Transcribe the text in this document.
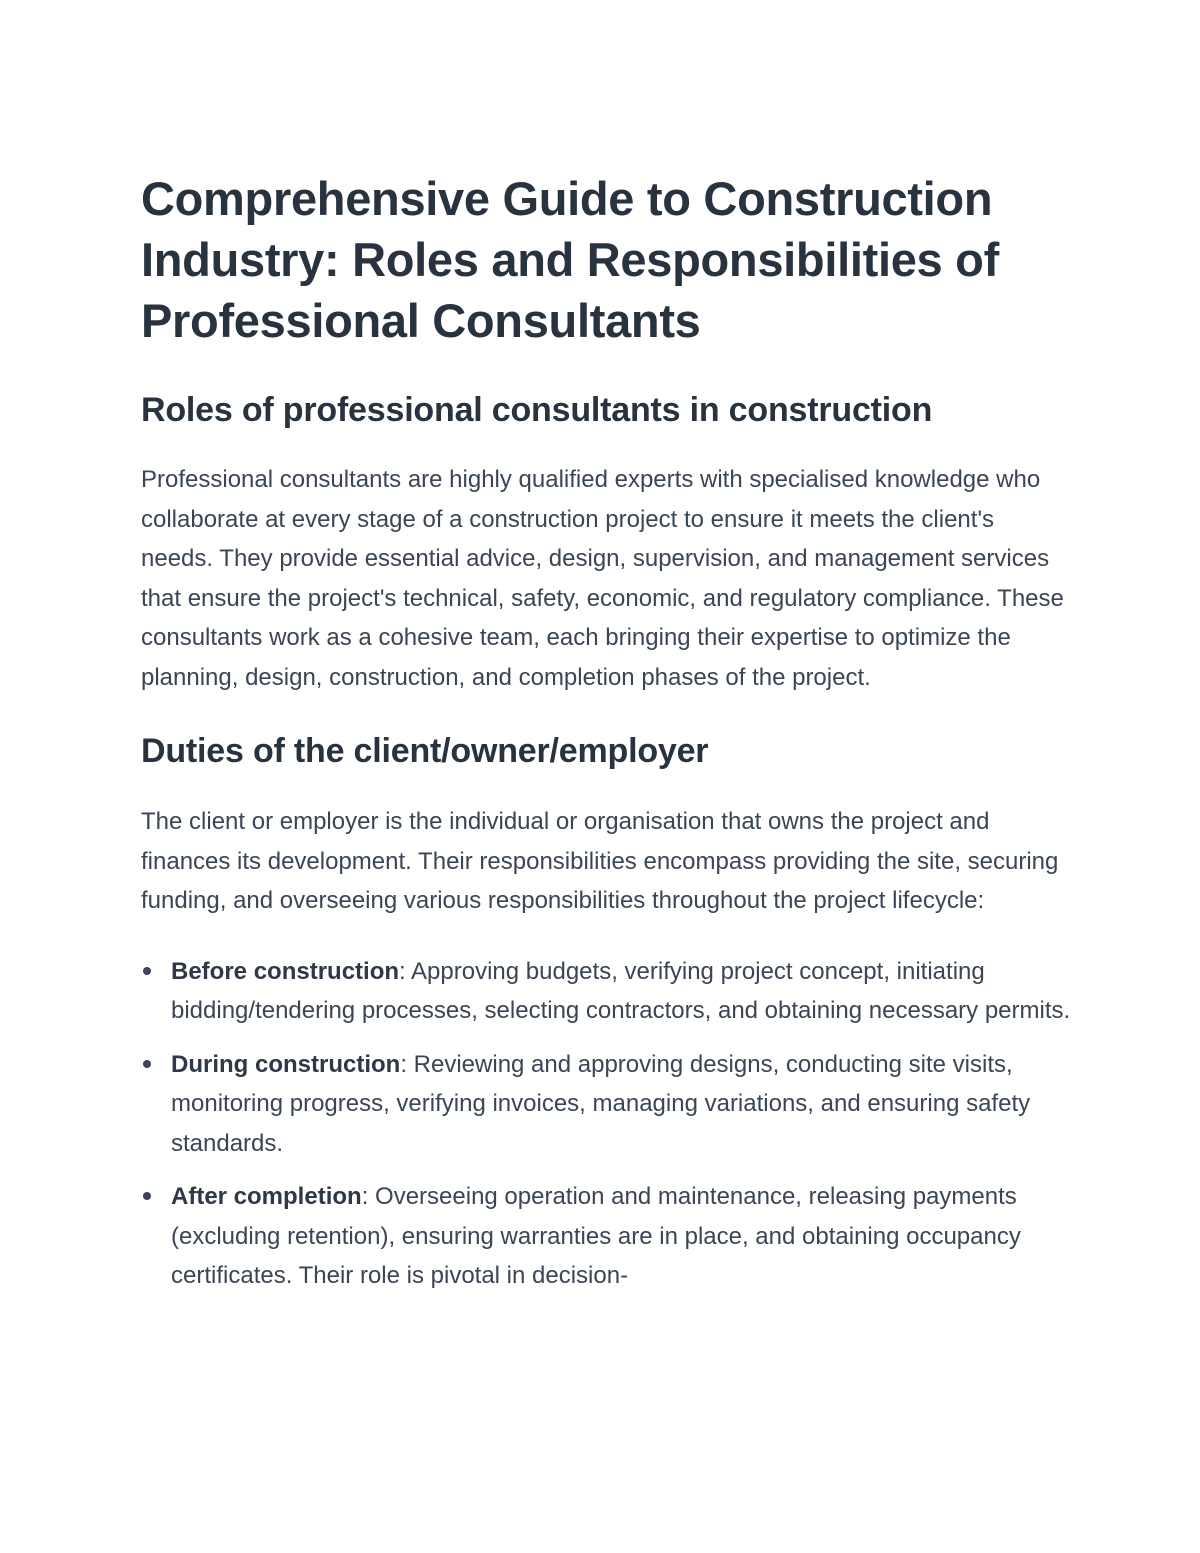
Comprehensive Guide to Construction Industry: Roles and Responsibilities of Professional Consultants
Roles of professional consultants in construction

Professional consultants are highly qualified experts with specialised knowledge who collaborate at every stage of a construction project to ensure it meets the client's needs. They provide essential advice, design, supervision, and management services that ensure the project's technical, safety, economic, and regulatory compliance. These consultants work as a cohesive team, each bringing their expertise to optimize the planning, design, construction, and completion phases of the project.

Duties of the client/owner/employer

The client or employer is the individual or organisation that owns the project and finances its development. Their responsibilities encompass providing the site, securing funding, and overseeing various responsibilities throughout the project lifecycle:

Before construction: Approving budgets, verifying project concept, initiating bidding/tendering processes, selecting contractors, and obtaining necessary permits.
During construction: Reviewing and approving designs, conducting site visits, monitoring progress, verifying invoices, managing variations, and ensuring safety standards.
After completion: Overseeing operation and maintenance, releasing payments (excluding retention), ensuring warranties are in place, and obtaining occupancy certificates. Their role is pivotal in decision-
